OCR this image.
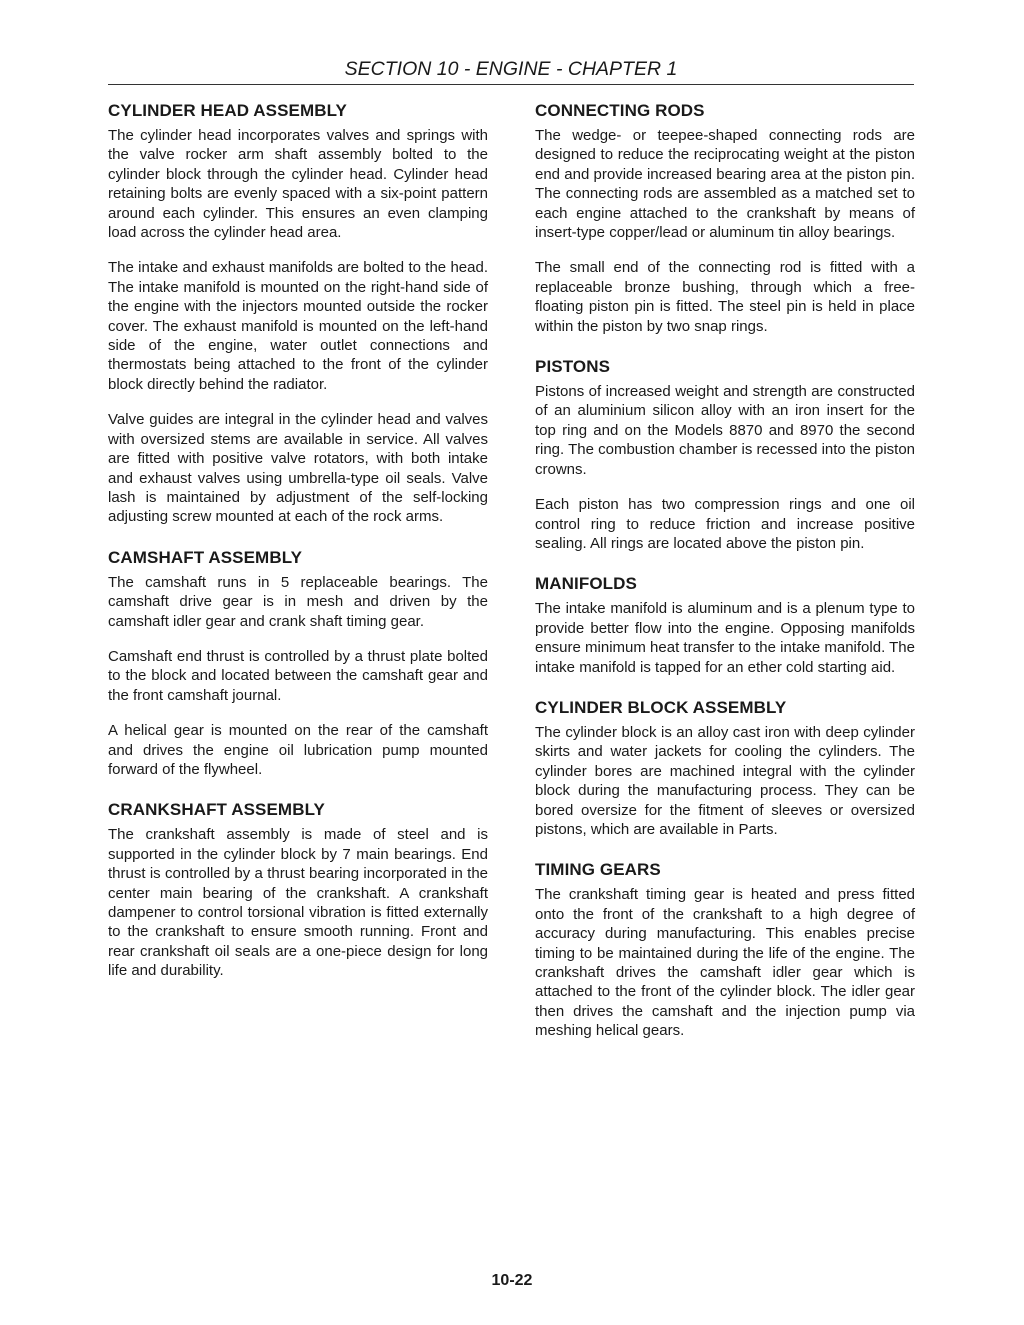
SECTION 10 - ENGINE - CHAPTER 1
CYLINDER HEAD ASSEMBLY

The cylinder head incorporates valves and springs with the valve rocker arm shaft assembly bolted to the cylinder block through the cylinder head. Cylinder head retaining bolts are evenly spaced with a six-point pattern around each cylinder. This ensures an even clamping load across the cylinder head area.

The intake and exhaust manifolds are bolted to the head. The intake manifold is mounted on the right-hand side of the engine with the injectors mounted outside the rocker cover. The exhaust manifold is mounted on the left-hand side of the engine, water outlet connections and thermostats being attached to the front of the cylinder block directly behind the radiator.

Valve guides are integral in the cylinder head and valves with oversized stems are available in service. All valves are fitted with positive valve rotators, with both intake and exhaust valves using umbrella-type oil seals. Valve lash is maintained by adjustment of the self-locking adjusting screw mounted at each of the rock arms.

CAMSHAFT ASSEMBLY

The camshaft runs in 5 replaceable bearings. The camshaft drive gear is in mesh and driven by the camshaft idler gear and crank shaft timing gear.

Camshaft end thrust is controlled by a thrust plate bolted to the block and located between the camshaft gear and the front camshaft journal.

A helical gear is mounted on the rear of the camshaft and drives the engine oil lubrication pump mounted forward of the flywheel.

CRANKSHAFT ASSEMBLY

The crankshaft assembly is made of steel and is supported in the cylinder block by 7 main bearings. End thrust is controlled by a thrust bearing incorporated in the center main bearing of the crankshaft. A crankshaft dampener to control torsional vibration is fitted externally to the crankshaft to ensure smooth running. Front and rear crankshaft oil seals are a one-piece design for long life and durability.

CONNECTING RODS

The wedge- or teepee-shaped connecting rods are designed to reduce the reciprocating weight at the piston end and provide increased bearing area at the piston pin. The connecting rods are assembled as a matched set to each engine attached to the crankshaft by means of insert-type copper/lead or aluminum tin alloy bearings.

The small end of the connecting rod is fitted with a replaceable bronze bushing, through which a free-floating piston pin is fitted. The steel pin is held in place within the piston by two snap rings.

PISTONS

Pistons of increased weight and strength are constructed of an aluminium silicon alloy with an iron insert for the top ring and on the Models 8870 and 8970 the second ring. The combustion chamber is recessed into the piston crowns.

Each piston has two compression rings and one oil control ring to reduce friction and increase positive sealing. All rings are located above the piston pin.

MANIFOLDS

The intake manifold is aluminum and is a plenum type to provide better flow into the engine. Opposing manifolds ensure minimum heat transfer to the intake manifold. The intake manifold is tapped for an ether cold starting aid.

CYLINDER BLOCK ASSEMBLY

The cylinder block is an alloy cast iron with deep cylinder skirts and water jackets for cooling the cylinders. The cylinder bores are machined integral with the cylinder block during the manufacturing process. They can be bored oversize for the fitment of sleeves or oversized pistons, which are available in Parts.

TIMING GEARS

The crankshaft timing gear is heated and press fitted onto the front of the crankshaft to a high degree of accuracy during manufacturing. This enables precise timing to be maintained during the life of the engine. The crankshaft drives the camshaft idler gear which is attached to the front of the cylinder block. The idler gear then drives the camshaft and the injection pump via meshing helical gears.

10-22
